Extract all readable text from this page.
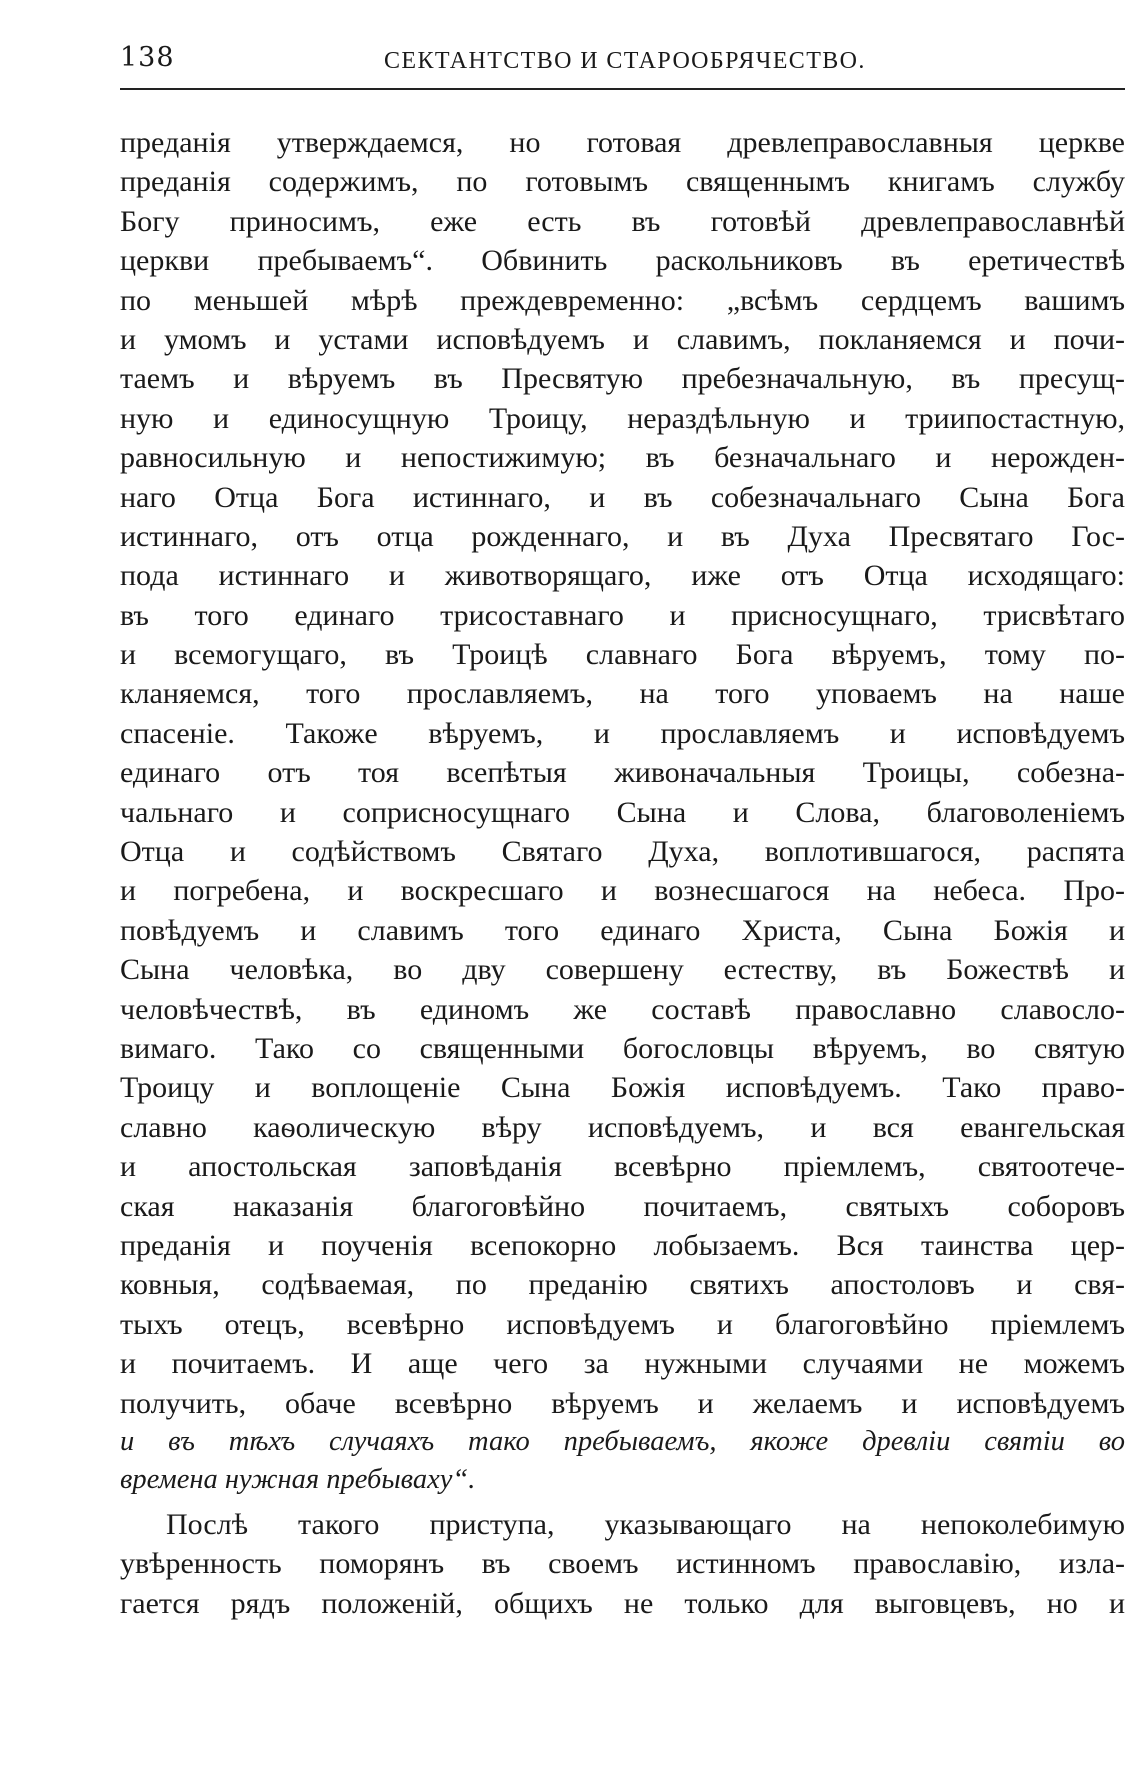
138	СЕКТАНТСТВО И СТАРООБРЯЧЕСТВО.
преданія утверждаемся, но готовая древлеправославныя церкве
преданія содержимъ, по готовымъ священнымъ книгамъ службу
Богу приносимъ, еже есть въ готовѣй древлеправославнѣй
церкви пребываемъ“. Обвинить раскольниковъ въ еретичествѣ
по меньшей мѣрѣ преждевременно: „всѣмъ сердцемъ вашимъ
и умомъ и устами исповѣдуемъ и славимъ, покланяемся и почи-
таемъ и вѣруемъ въ Пресвятую пребезначальную, въ пресущ-
ную и единосущную Троицу, нераздѣльную и триипостастную,
равносильную и непостижимую; въ безначальнаго и нерожден-
наго Отца Бога истиннаго, и въ собезначальнаго Сына Бога
истиннаго, отъ отца рожденнаго, и въ Духа Пресвятаго Гос-
пода истиннаго и животворящаго, иже отъ Отца исходящаго:
въ того единаго трисоставнаго и присносущнаго, трисвѣтаго
и всемогущаго, въ Троицѣ славнаго Бога вѣруемъ, тому по-
кланяемся, того прославляемъ, на того уповаемъ на наше
спасеніе. Такожe вѣруемъ, и прославляемъ и исповѣдуемъ
единаго отъ тоя всепѣтыя живоначальныя Троицы, собезна-
чальнаго и соприсносущнаго Сына и Слова, благоволеніемъ
Отца и содѣйствомъ Святаго Духа, воплотившагося, распята
и погребена, и воскресшаго и вознесшагося на небеса. Про-
повѣдуемъ и славимъ того единаго Христа, Сына Божія и
Сына человѣка, во дву совершену естеству, въ Божествѣ и
человѣчествѣ, въ единомъ же составѣ православно славосло-
вимаго. Тако со священными богословцы вѣруемъ, во святую
Троицу и воплощеніе Сына Божія исповѣдуемъ. Тако право-
славно каѳолическую вѣру исповѣдуемъ, и вся евангельская
и апостольская заповѣданія всевѣрно пріемлемъ, святоотече-
ская наказанія благоговѣйно почитаемъ, святыхъ соборовъ
преданія и поученія всепокорно лобызаемъ. Вся таинства цер-
ковныя, содѣваемая, по преданію святихъ апостоловъ и свя-
тыхъ отецъ, всевѣрно исповѣдуемъ и благоговѣйно пріемлемъ
и почитаемъ. И аще чего за нужными случаями не можемъ
получить, обаче всевѣрно вѣруемъ и желаемъ и исповѣдуемъ
и въ тѣхъ случаяхъ тако пребываемъ, якоже древліи святіи во
времена нужная пребываху“.
Послѣ такого приступа, указывающаго на непоколебимую
увѣренность поморянъ въ своемъ истинномъ православію, изла-
гается рядъ положеній, общихъ не только для выговцевъ, но и
